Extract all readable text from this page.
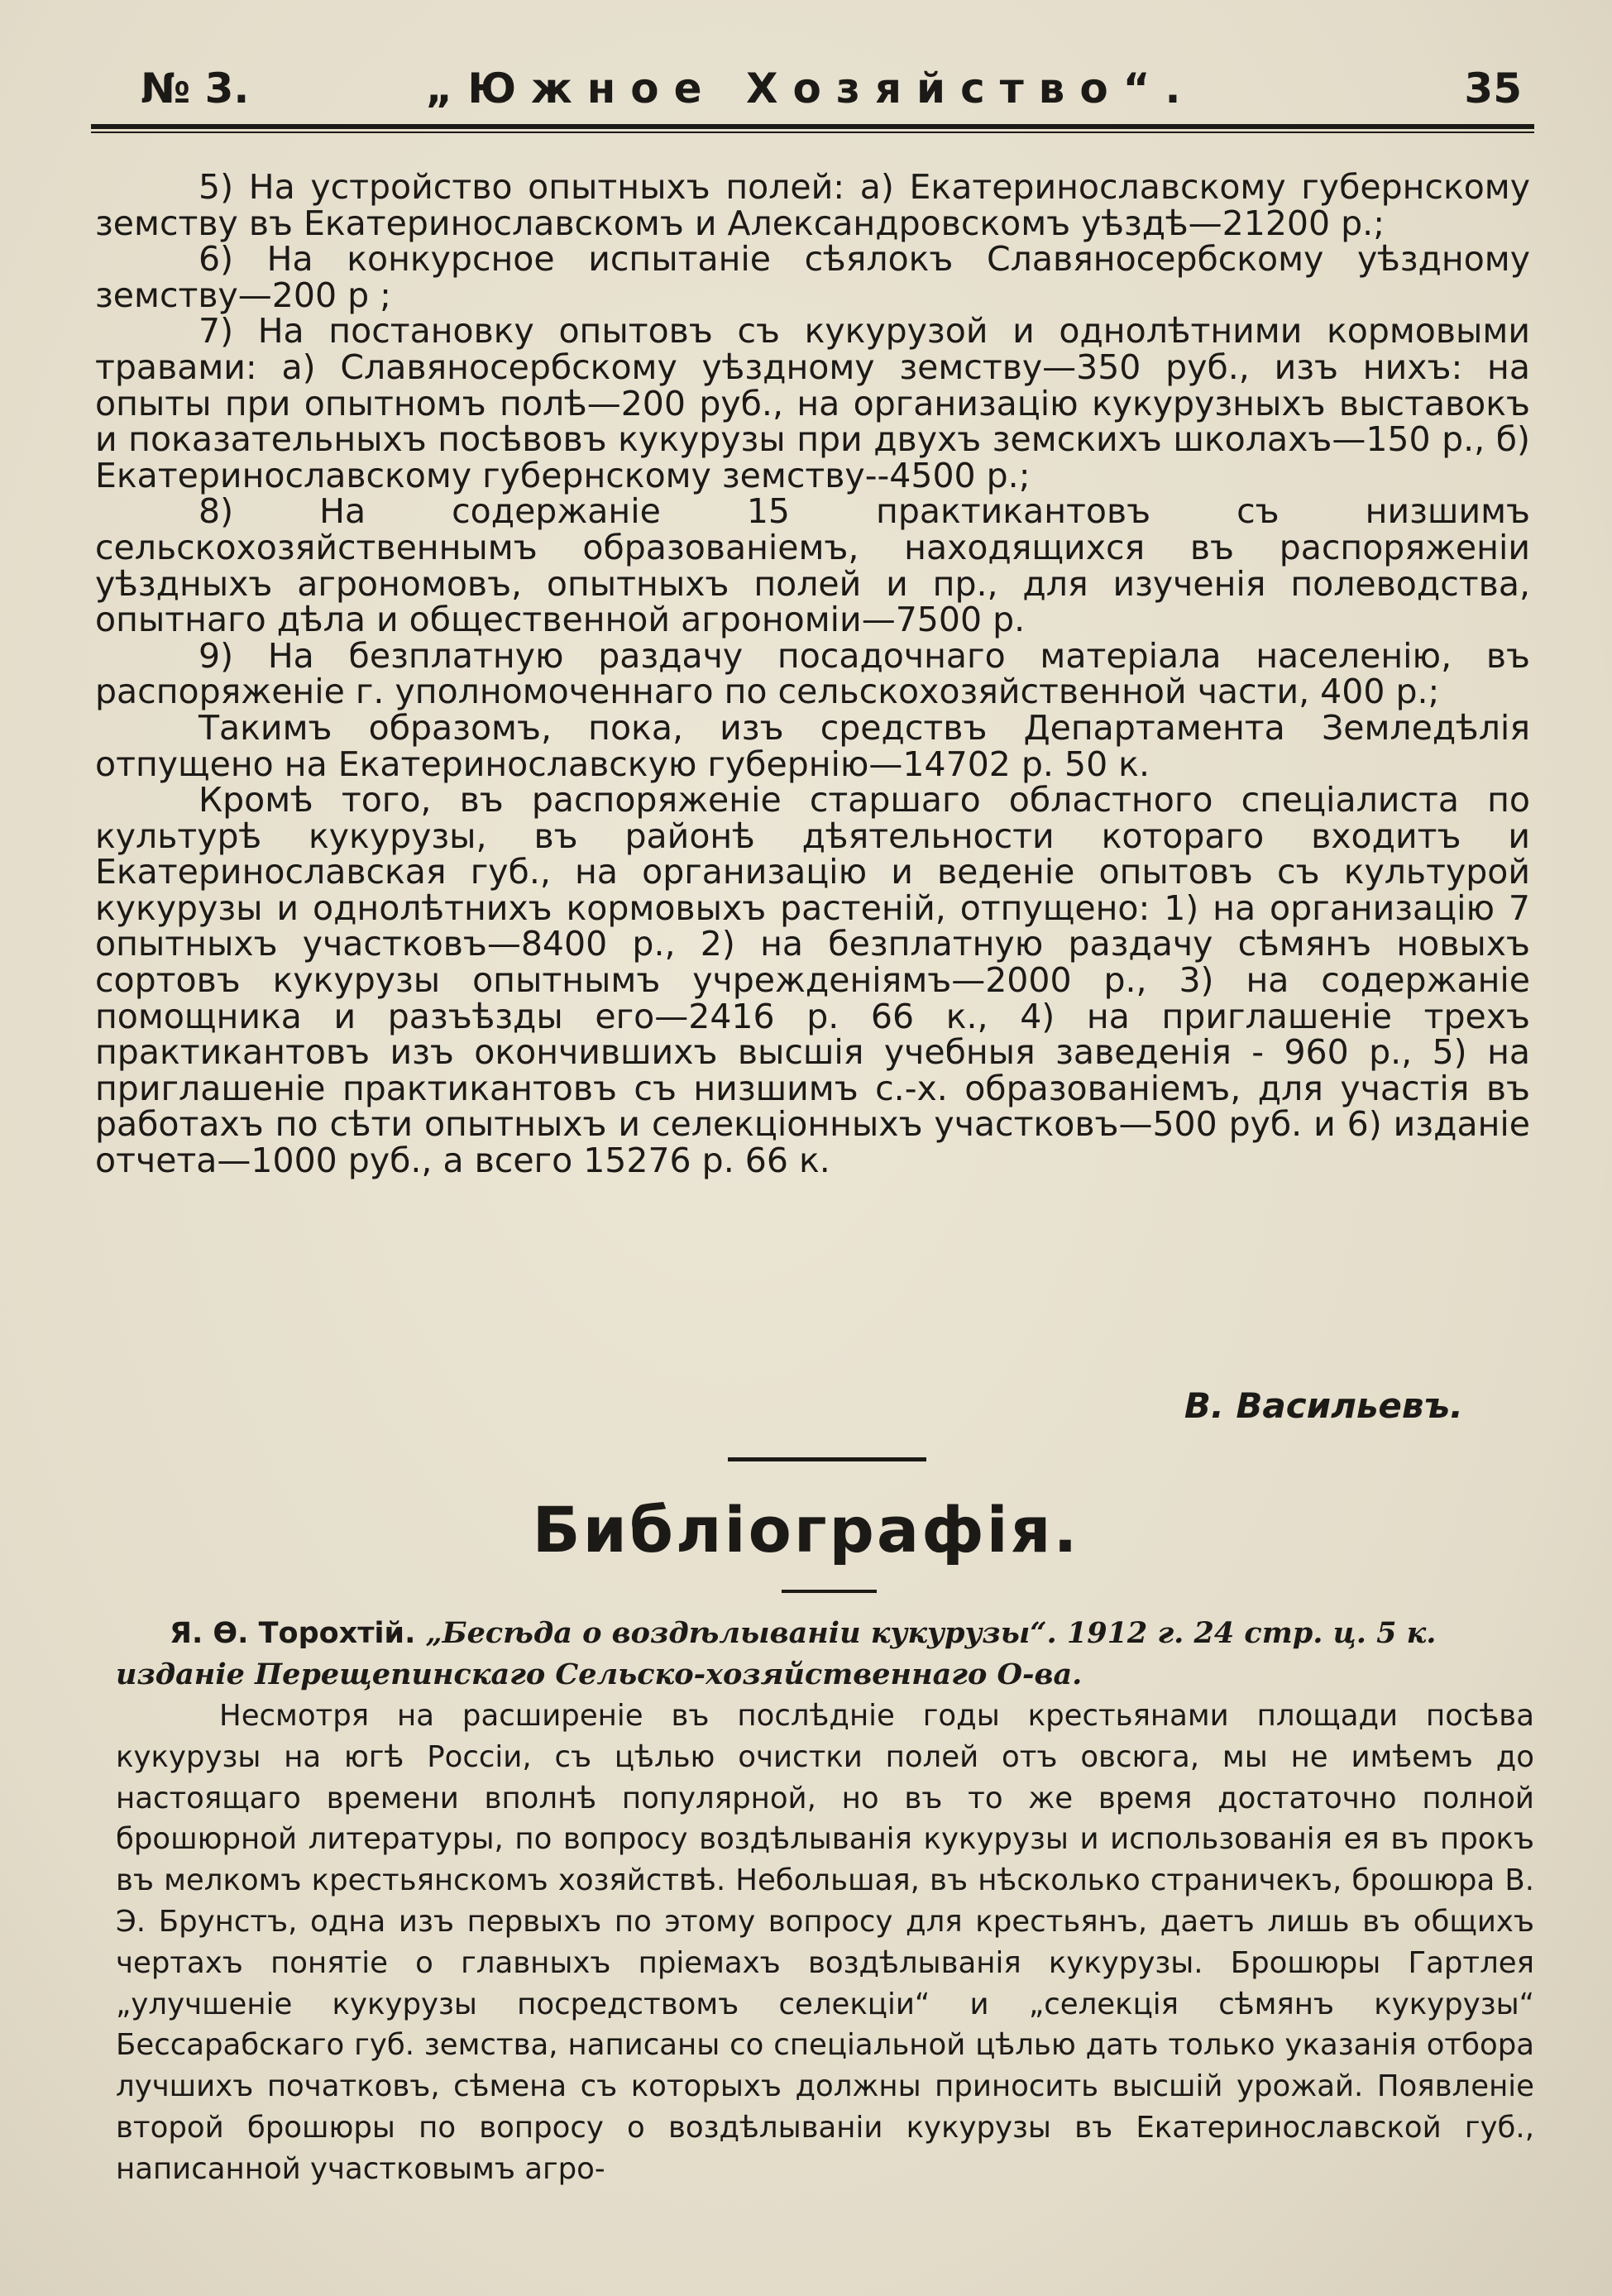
№ 3.	„Южное Хозяйство“.	35

5) На устройство опытныхъ полей: а) Екатеринославскому губернскому земству въ Екатеринославскомъ и Александровскомъ уѣздѣ—21200 р.;

6) На конкурсное испытаніе сѣялокъ Славяносербскому уѣздному земству—200 р ;

7) На постановку опытовъ съ кукурузой и однолѣтними кормовыми травами: а) Славяносербскому уѣздному земству—350 руб., изъ нихъ: на опыты при опытномъ полѣ—200 руб., на организацію кукурузныхъ выставокъ и показательныхъ посѣвовъ кукурузы при двухъ земскихъ школахъ—150 р., б) Екатеринославскому губернскому земству--4500 р.;

8) На содержаніе 15 практикантовъ съ низшимъ сельскохозяйственнымъ образованіемъ, находящихся въ распоряженіи уѣздныхъ агрономовъ, опытныхъ полей и пр., для изученія полеводства, опытнаго дѣла и общественной агрономіи—7500 р.

9) На безплатную раздачу посадочнаго матеріала населенію, въ распоряженіе г. уполномоченнаго по сельскохозяйственной части, 400 р.;

Такимъ образомъ, пока, изъ средствъ Департамента Земледѣлія отпущено на Екатеринославскую губернію—14702 р. 50 к.

Кромѣ того, въ распоряженіе старшаго областного спеціалиста по культурѣ кукурузы, въ районѣ дѣятельности котораго входитъ и Екатеринославская губ., на организацію и веденіе опытовъ съ культурой кукурузы и однолѣтнихъ кормовыхъ растеній, отпущено: 1) на организацію 7 опытныхъ участковъ—8400 р., 2) на безплатную раздачу сѣмянъ новыхъ сортовъ кукурузы опытнымъ учрежденіямъ—2000 р., 3) на содержаніе помощника и разъѣзды его—2416 р. 66 к., 4) на приглашеніе трехъ практикантовъ изъ окончившихъ высшія учебныя заведенія - 960 р., 5) на приглашеніе практикантовъ съ низшимъ с.-х. образованіемъ, для участія въ работахъ по сѣти опытныхъ и селекціонныхъ участковъ—500 руб. и 6) изданіе отчета—1000 руб., а всего 15276 р. 66 к.

В. Васильевъ.
Библіографія.
Я. Ѳ. Торохтій. „Бесѣда о воздѣлываніи кукурузы“. 1912 г. 24 стр. ц. 5 к.
изданіе Перещепинскаго Сельско-хозяйственнаго О-ва.

Несмотря на расширеніе въ послѣдніе годы крестьянами площади посѣва кукурузы на югѣ Россіи, съ цѣлью очистки полей отъ овсюга, мы не имѣемъ до настоящаго времени вполнѣ популярной, но въ то же время достаточно полной брошюрной литературы, по вопросу воздѣлыванія кукурузы и использованія ея въ прокъ въ мелкомъ крестьянскомъ хозяйствѣ. Небольшая, въ нѣсколько страничекъ, брошюра В. Э. Брунстъ, одна изъ первыхъ по этому вопросу для крестьянъ, даетъ лишь въ общихъ чертахъ понятіе о главныхъ пріемахъ воздѣлыванія кукурузы. Брошюры Гартлея „улучшеніе кукурузы посредствомъ селекціи“ и „селекція сѣмянъ кукурузы“ Бессарабскаго губ. земства, написаны со спеціальной цѣлью дать только указанія отбора лучшихъ початковъ, сѣмена съ которыхъ должны приносить высшій урожай. Появленіе второй брошюры по вопросу о воздѣлываніи кукурузы въ Екатеринославской губ., написанной участковымъ агро-
